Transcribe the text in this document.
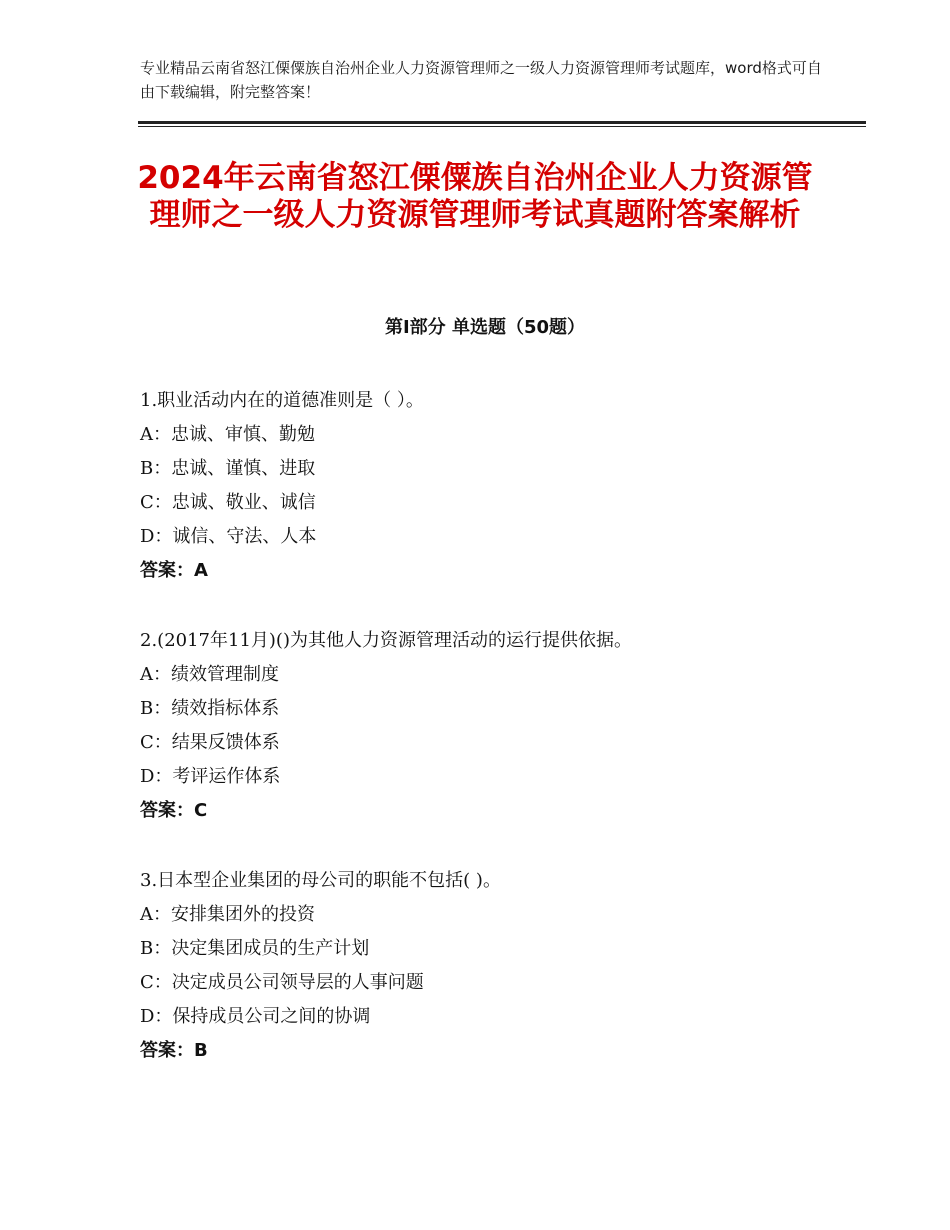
专业精品云南省怒江傈僳族自治州企业人力资源管理师之一级人力资源管理师考试题库，word格式可自由下载编辑，附完整答案！
2024年云南省怒江傈僳族自治州企业人力资源管理师之一级人力资源管理师考试真题附答案解析
第Ⅰ部分 单选题（50题）
1.职业活动内在的道德准则是（ ）。
A：忠诚、审慎、勤勉
B：忠诚、谨慎、进取
C：忠诚、敬业、诚信
D：诚信、守法、人本
答案：A
2.(2017年11月)()为其他人力资源管理活动的运行提供依据。
A：绩效管理制度
B：绩效指标体系
C：结果反馈体系
D：考评运作体系
答案：C
3.日本型企业集团的母公司的职能不包括( )。
A：安排集团外的投资
B：决定集团成员的生产计划
C：决定成员公司领导层的人事问题
D：保持成员公司之间的协调
答案：B
